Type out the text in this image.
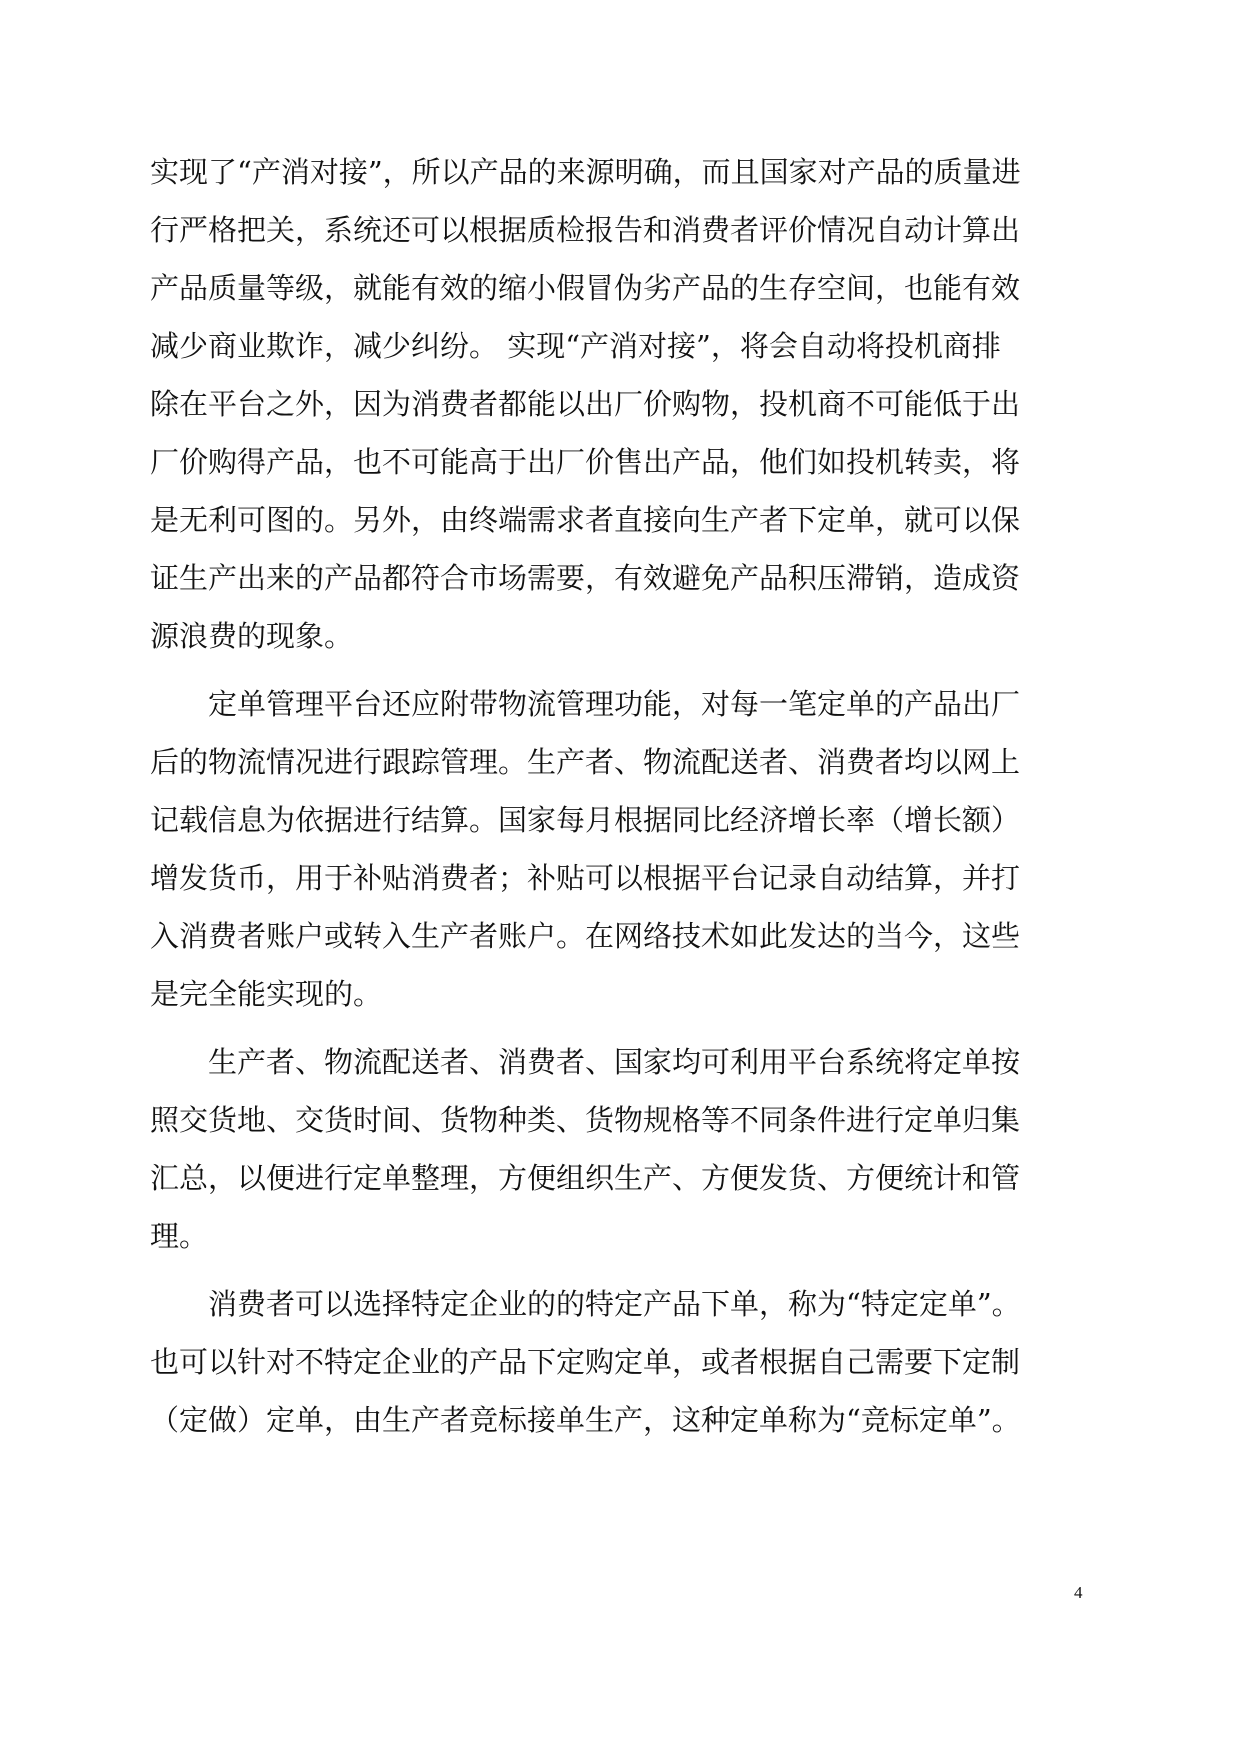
实现了“产消对接”，所以产品的来源明确，而且国家对产品的质量进
行严格把关，系统还可以根据质检报告和消费者评价情况自动计算出
产品质量等级，就能有效的缩小假冒伪劣产品的生存空间，也能有效
减少商业欺诈，减少纠纷。 实现“产消对接”，将会自动将投机商排
除在平台之外，因为消费者都能以出厂价购物，投机商不可能低于出
厂价购得产品，也不可能高于出厂价售出产品，他们如投机转卖，将
是无利可图的。另外，由终端需求者直接向生产者下定单，就可以保
证生产出来的产品都符合市场需要，有效避免产品积压滞销，造成资
源浪费的现象。
定单管理平台还应附带物流管理功能，对每一笔定单的产品出厂
后的物流情况进行跟踪管理。生产者、物流配送者、消费者均以网上
记载信息为依据进行结算。国家每月根据同比经济增长率（增长额）
增发货币，用于补贴消费者；补贴可以根据平台记录自动结算，并打
入消费者账户或转入生产者账户。在网络技术如此发达的当今，这些
是完全能实现的。
生产者、物流配送者、消费者、国家均可利用平台系统将定单按
照交货地、交货时间、货物种类、货物规格等不同条件进行定单归集
汇总，以便进行定单整理，方便组织生产、方便发货、方便统计和管
理。
消费者可以选择特定企业的的特定产品下单，称为“特定定单”。
也可以针对不特定企业的产品下定购定单，或者根据自己需要下定制
（定做）定单，由生产者竞标接单生产，这种定单称为“竞标定单”。
4
